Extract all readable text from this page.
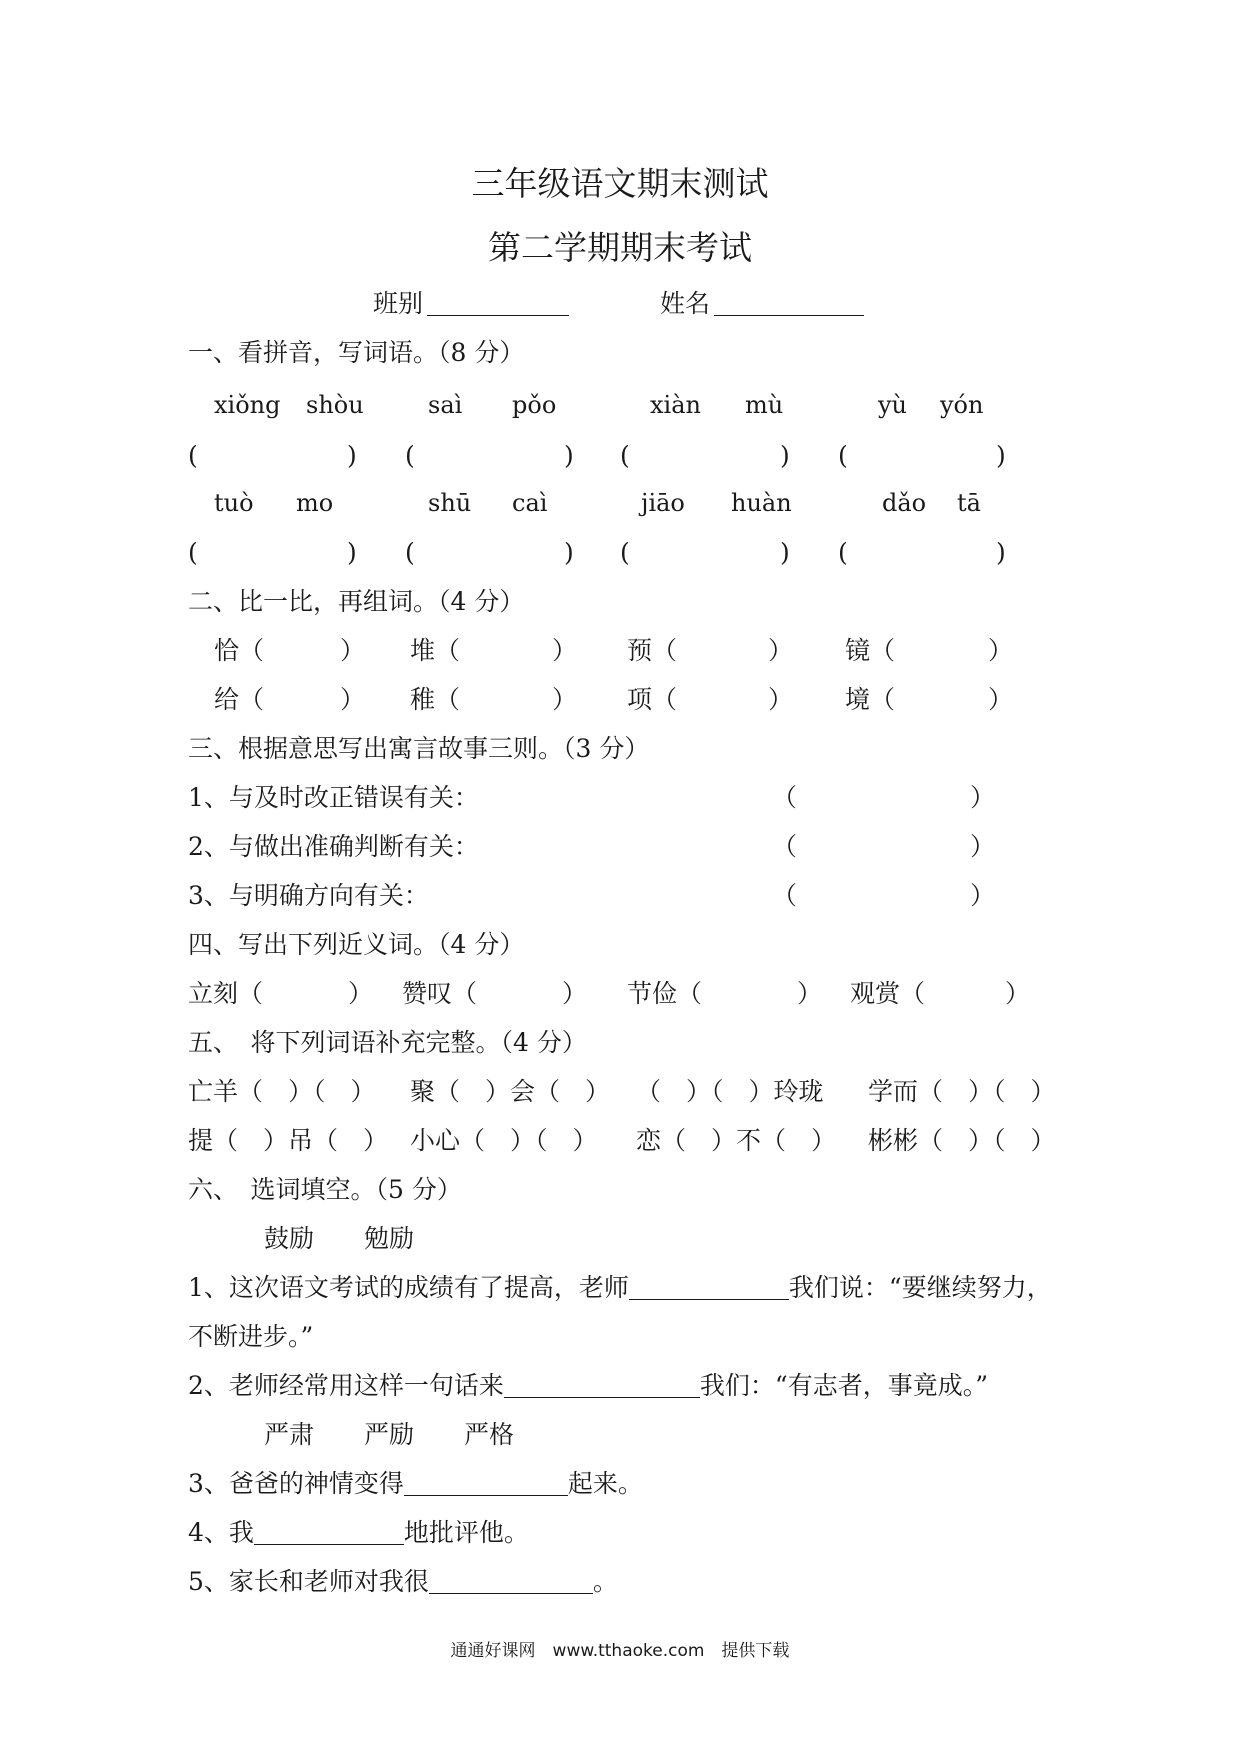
三年级语文期末测试
第二学期期末考试
班别	姓名
一、看拼音，写词语。（8 分）
xiǒng shòu	saì pǒo	xiàn mù	yù yón
(	) (	) (	) (	)
tuò mo	shū caì	jiāo huàn	dǎo tā
(	) (	) (	) (	)
二、比一比，再组词。（4 分）
恰（	） 堆（	） 预（	） 镜（	）
给（	） 稚（	） 项（	） 境（	）
三、根据意思写出寓言故事三则。（3 分）
1、与及时改正错误有关：	（	）
2、与做出准确判断有关：	（	）
3、与明确方向有关：	（	）
四、写出下列近义词。（4 分）
立刻（	） 赞叹（	） 节俭（	） 观赏（	）
五、　将下列词语补充完整。（4 分）
亡羊（　）（　） 聚（　）会（　） （　）（　）玲珑 学而（　）（　）
提（　）吊（　） 小心（　）（　） 恋（　）不（　） 彬彬（　）（　）
六、　选词填空。（5 分）
鼓励 勉励
1、这次语文考试的成绩有了提高，老师	我们说：“要继续努力，
不断进步。”
2、老师经常用这样一句话来	我们：“有志者，事竟成。”
严肃 严励 严格
3、爸爸的神情变得	起来。
4、我	地批评他。
5、家长和老师对我很	。
通通好课网　www.tthaoke.com　提供下载
